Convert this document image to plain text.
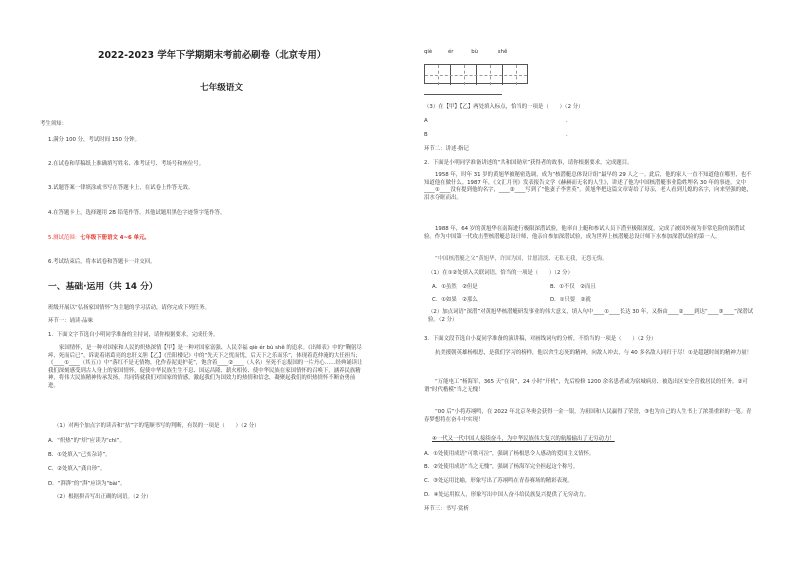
2022-2023 学年下学期期末考前必刷卷（北京专用）
七年级语文
考生须知：
1.满分 100 分，考试时间 150 分钟。
2.在试卷和草稿纸上准确填写姓名、准考证号、考场号和座位号。
3.试题答案一律填涂或书写在答题卡上，在试卷上作答无效。
4.在答题卡上，选择题用 2B 铅笔作答，其他试题用黑色字迹签字笔作答。
5.测试范围：七年级下册语文 4~6 单元。
6.考试结束后，将本试卷和答题卡一并交回。
一、基础·运用（共 14 分）
班级开展以“弘扬家国情怀”为主题的学习活动，请你完成下列任务。
环节一：诵读·品味
1．下面文字节选自小明同学准备的主持词，请你根据要求，完成任务。
家国情怀，是一种对国家和人民的炽热深情【甲】是一种对国家富强、人民幸福 qiè ér bù shě 的追求。《出师表》中的“鞠躬尽瘁，死而后已”，诉说着诸葛亮的忠肝义胆【乙】《岳阳楼记》中的“先天下之忧而忧，后天下之乐而乐”，体现着范仲淹的大任担当；《____①____（其五）》中“落红不是无情物，化作春泥更护花”，饱含着____②____（人名）至死不忘报国的一片丹心……经典诵读让我们深刻感受到古人身上的家国情怀，促使中华民族生生不息、国运昌隆、薪火相传、使中华民族在家国情怀的召唤下，涵养民族精神，将伟大民族精神传承发扬，共同铸就我们对国家的情感，激起我们为国效力的热情和信念，凝聚起我们的炽热情怀不断奋勇前进。
（1）对两个加点字的读音和“拈”字的笔顺书写的判断，有误的一项是（　　）（2 分）
A．“炽热”的“炽”应读为“chì”。
B．①处填入“己亥杂诗”。
C．②处填入“龚自珍”。
D．“湃湃”的“湃”应读为“bài”。
（2）根据拼音写出正确的词语。（2 分）
qiè	ér	bù	shě
（3）在【甲】【乙】两处填入标点，恰当的一项是（　　）（2 分）
A	．
B	．
环节二：讲述·指记
2．下面是小明同学准备讲述的“共和国勋章”获得者的故事，请你根据要求，完成题目。
1958 年，时年 31 岁的黄旭华被秘密选调，成为“核潜艇总体设计组”最早的 29 人之一。此后，他的家人一直不知道他在哪里，也不知道他在做什么。1987 年，《文汇月刊》发表报告文学《赫赫而无名的人生》，讲述了他为中国核潜艇事业隐姓埋名 30 年的事迹。文中____①____没有提到他的名字，____②____写到了“他妻子李世英”。黄旭华把这篇文章寄给了母亲，老人看到儿媳的名字，向来坚强的她，泪水夺眶而出。
1988 年，64 岁的黄旭华在南海进行极限深潜试验，他率自上艇和参试人员下潜至极限深度，完成了被国外视为非常危险的深潜试验。作为中国第一代攻击型核潜艇总设计师，他亲自参加深潜试验，成为世界上核潜艇总设计师下水参加深潜试验的第一人。
“中国核潜艇之父”黄旭华，许国为国，甘愿清淡、无私无我，无怨无悔。
（1）在①②处填入关联词语，恰当的一项是（　　）（2 分）
A．①虽然　②但是	B．①不仅　②而且
C．①如果　②那么	D．①只要　②就
（2）加点词语“深潜”对黄旭华核潜艇研发事业的伟大意义，填入句中____①____长达 30 年，又指由____②____到达“____③____”深潜试验。（2 分）
3．下面文段节选自小夏同学准备的演讲稿，对画线词句的分析，不恰当的一项是（　　）（2 分）
抗美援朝英雄杨根思，是我们学习的榜样，他以舍生忘死的精神，向敌人冲去，与 40 多名敌人同归于尽！①是超越时间的精神力量！
“万能电工”杨海军，365 天“在岗”，24 小时“开机”，先后检修 1200 余名患者或为宿城病房、被选出区安全营救居民的任务。②可谓“时代楷模”当之无愧！
“00 后”小将苏翊鸣，在 2022 年北京冬奥会获得一金一银，为祖国和人民赢得了荣誉，③也为自己的人生书上了浓墨重彩的一笔。青春梦想将在奋斗中实现！
④一代又一代中国人接续奋斗，为中华民族伟大复兴的航船输出了无穷动力！
A．①处使用成语“可歌可泣”，强调了杨根思令人感动的爱国主义情怀。
B．②处使用成语“当之无愧”，强调了杨海军完全担起这个称号。
C．③处运用比喻，形象写出了苏翊鸣在青春赛场的精彩表现。
D．④处运用拟人，形象写出中国人奋斗给民族复兴提供了无穷动力。
环节三：书写·赏析
